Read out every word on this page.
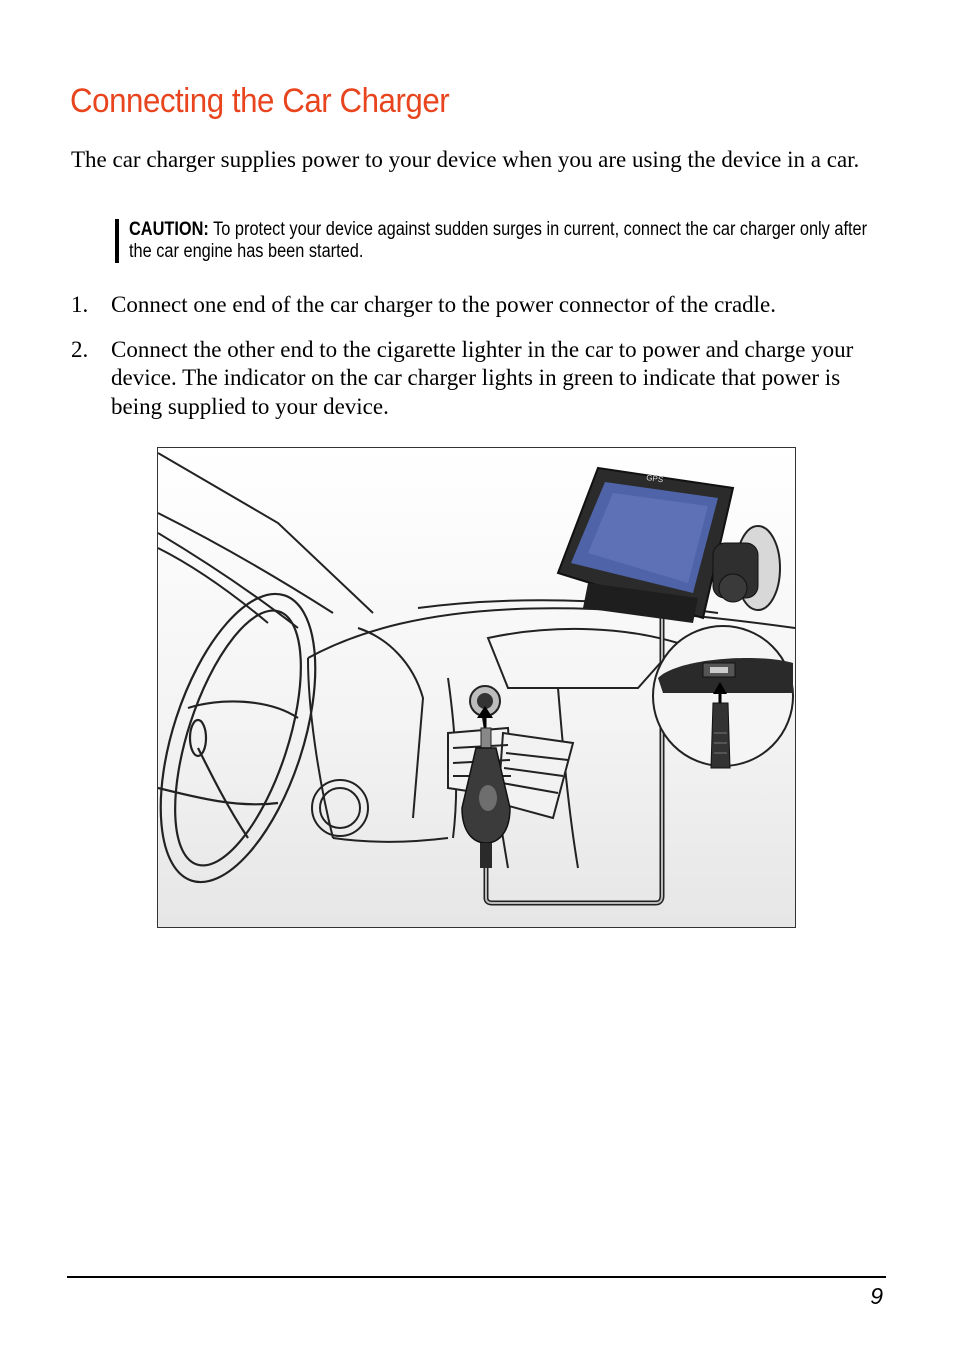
Connecting the Car Charger

The car charger supplies power to your device when you are using the device in a car.

CAUTION: To protect your device against sudden surges in current, connect the car charger only after the car engine has been started.
1. Connect one end of the car charger to the power connector of the cradle.
2. Connect the other end to the cigarette lighter in the car to power and charge your device. The indicator on the car charger lights in green to indicate that power is being supplied to your device.
GPS
9
